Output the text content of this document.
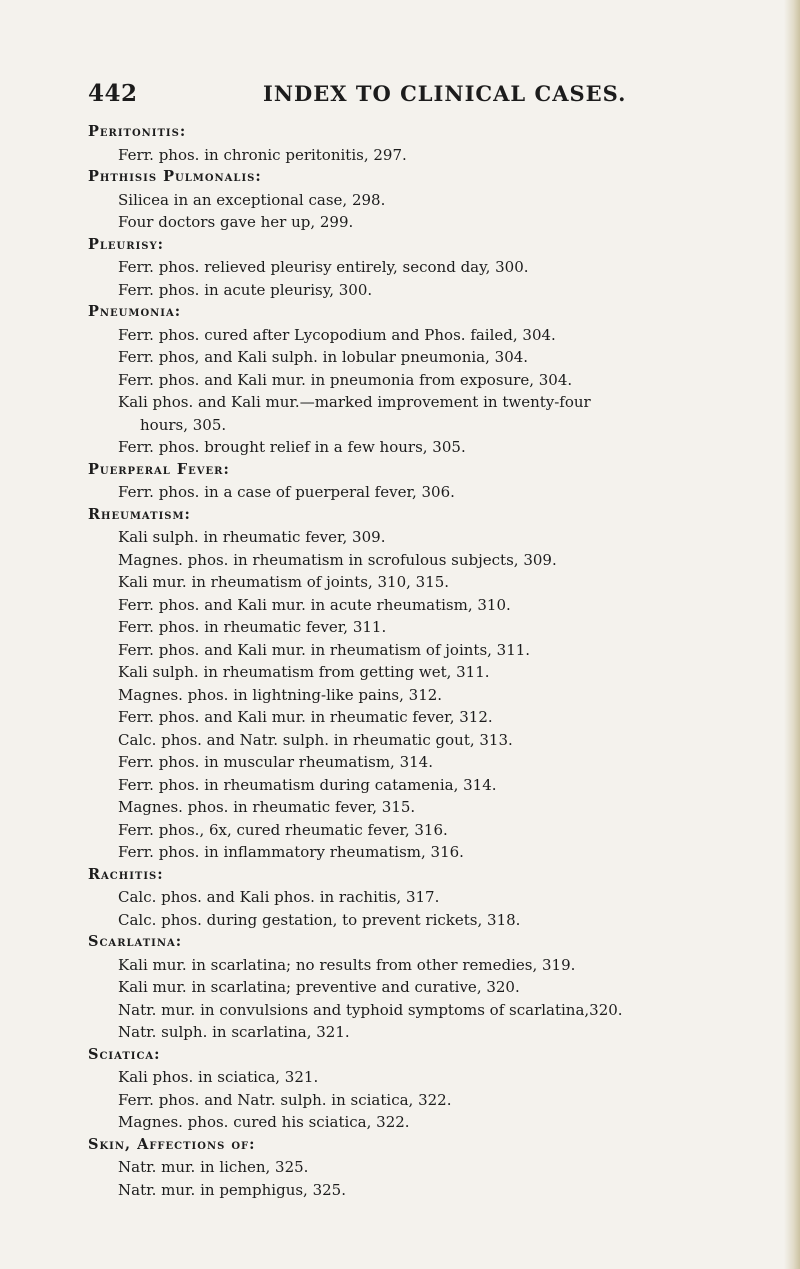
442	INDEX TO CLINICAL CASES.
Peritonitis:
Ferr. phos. in chronic peritonitis, 297.
Phthisis Pulmonalis:
Silicea in an exceptional case, 298.
Four doctors gave her up, 299.
Pleurisy:
Ferr. phos. relieved pleurisy entirely, second day, 300.
Ferr. phos. in acute pleurisy, 300.
Pneumonia:
Ferr. phos. cured after Lycopodium and Phos. failed, 304.
Ferr. phos, and Kali sulph. in lobular pneumonia, 304.
Ferr. phos. and Kali mur. in pneumonia from exposure, 304.
Kali phos. and Kali mur.—marked improvement in twenty-four
hours, 305.
Ferr. phos. brought relief in a few hours, 305.
Puerperal Fever:
Ferr. phos. in a case of puerperal fever, 306.
Rheumatism:
Kali sulph. in rheumatic fever, 309.
Magnes. phos. in rheumatism in scrofulous subjects, 309.
Kali mur. in rheumatism of joints, 310, 315.
Ferr. phos. and Kali mur. in acute rheumatism, 310.
Ferr. phos. in rheumatic fever, 311.
Ferr. phos. and Kali mur. in rheumatism of joints, 311.
Kali sulph. in rheumatism from getting wet, 311.
Magnes. phos. in lightning-like pains, 312.
Ferr. phos. and Kali mur. in rheumatic fever, 312.
Calc. phos. and Natr. sulph. in rheumatic gout, 313.
Ferr. phos. in muscular rheumatism, 314.
Ferr. phos. in rheumatism during catamenia, 314.
Magnes. phos. in rheumatic fever, 315.
Ferr. phos., 6x, cured rheumatic fever, 316.
Ferr. phos. in inflammatory rheumatism, 316.
Rachitis:
Calc. phos. and Kali phos. in rachitis, 317.
Calc. phos. during gestation, to prevent rickets, 318.
Scarlatina:
Kali mur. in scarlatina; no results from other remedies, 319.
Kali mur. in scarlatina; preventive and curative, 320.
Natr. mur. in convulsions and typhoid symptoms of scarlatina,320.
Natr. sulph. in scarlatina, 321.
Sciatica:
Kali phos. in sciatica, 321.
Ferr. phos. and Natr. sulph. in sciatica, 322.
Magnes. phos. cured his sciatica, 322.
Skin, Affections of:
Natr. mur. in lichen, 325.
Natr. mur. in pemphigus, 325.
